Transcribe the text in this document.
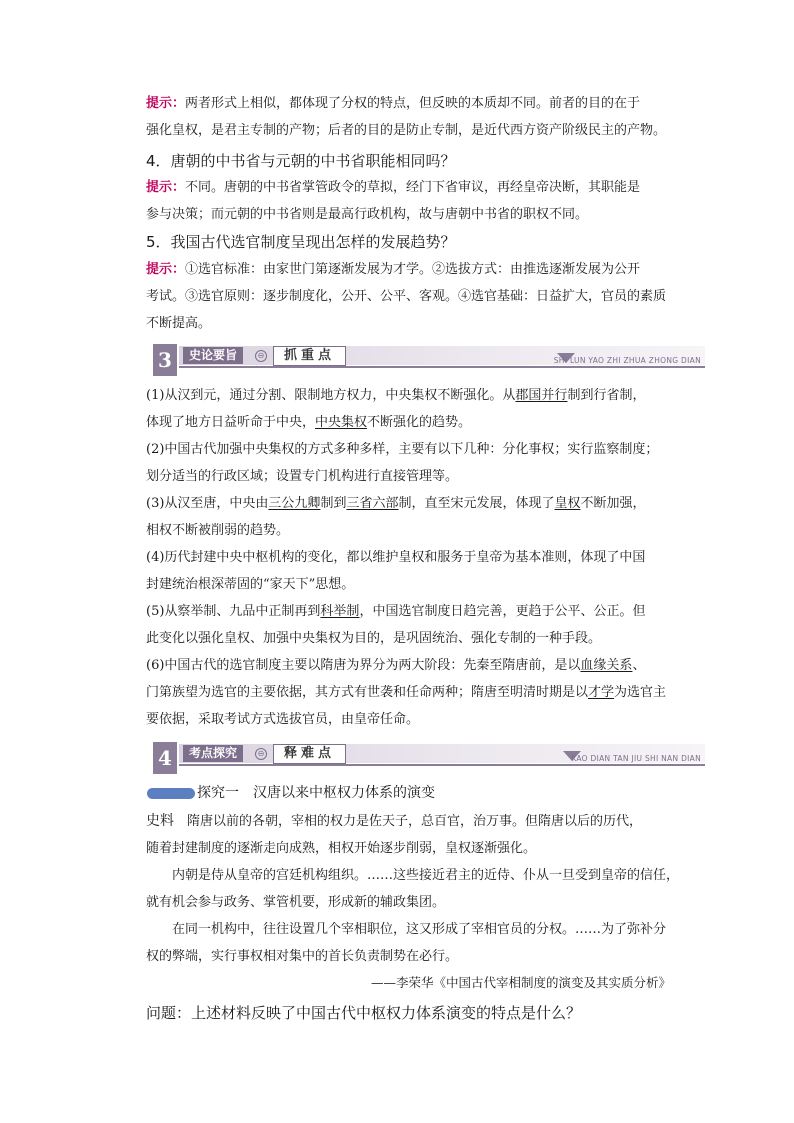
提示：两者形式上相似，都体现了分权的特点，但反映的本质却不同。前者的目的在于
强化皇权，是君主专制的产物；后者的目的是防止专制，是近代西方资产阶级民主的产物。
4．唐朝的中书省与元朝的中书省职能相同吗？
提示：不同。唐朝的中书省掌管政令的草拟，经门下省审议，再经皇帝决断，其职能是
参与决策；而元朝的中书省则是最高行政机构，故与唐朝中书省的职权不同。
5．我国古代选官制度呈现出怎样的发展趋势？
提示：①选官标准：由家世门第逐渐发展为才学。②选拔方式：由推选逐渐发展为公开
考试。③选官原则：逐步制度化，公开、公平、客观。④选官基础：日益扩大，官员的素质
不断提高。
3	史论要旨	⊖	抓重点	SHI LUN YAO ZHI ZHUA ZHONG DIAN
(1)从汉到元，通过分割、限制地方权力，中央集权不断强化。从郡国并行制到行省制，
体现了地方日益听命于中央，中央集权不断强化的趋势。
(2)中国古代加强中央集权的方式多种多样，主要有以下几种：分化事权；实行监察制度；
划分适当的行政区域；设置专门机构进行直接管理等。
(3)从汉至唐，中央由三公九卿制到三省六部制，直至宋元发展，体现了皇权不断加强，
相权不断被削弱的趋势。
(4)历代封建中央中枢机构的变化，都以维护皇权和服务于皇帝为基本准则，体现了中国
封建统治根深蒂固的“家天下”思想。
(5)从察举制、九品中正制再到科举制，中国选官制度日趋完善，更趋于公平、公正。但
此变化以强化皇权、加强中央集权为目的，是巩固统治、强化专制的一种手段。
(6)中国古代的选官制度主要以隋唐为界分为两大阶段：先秦至隋唐前，是以血缘关系、
门第族望为选官的主要依据，其方式有世袭和任命两种；隋唐至明清时期是以才学为选官主
要依据，采取考试方式选拔官员，由皇帝任命。
4	考点探究	⊖	释难点	KAO DIAN TAN JIU SHI NAN DIAN
探究一　汉唐以来中枢权力体系的演变
史料　隋唐以前的各朝，宰相的权力是佐天子，总百官，治万事。但隋唐以后的历代，
随着封建制度的逐渐走向成熟，相权开始逐步削弱，皇权逐渐强化。
内朝是侍从皇帝的宫廷机构组织。……这些接近君主的近侍、仆从一旦受到皇帝的信任，
就有机会参与政务、掌管机要，形成新的辅政集团。
在同一机构中，往往设置几个宰相职位，这又形成了宰相官员的分权。……为了弥补分
权的弊端，实行事权相对集中的首长负责制势在必行。
——李荣华《中国古代宰相制度的演变及其实质分析》
问题：上述材料反映了中国古代中枢权力体系演变的特点是什么？
